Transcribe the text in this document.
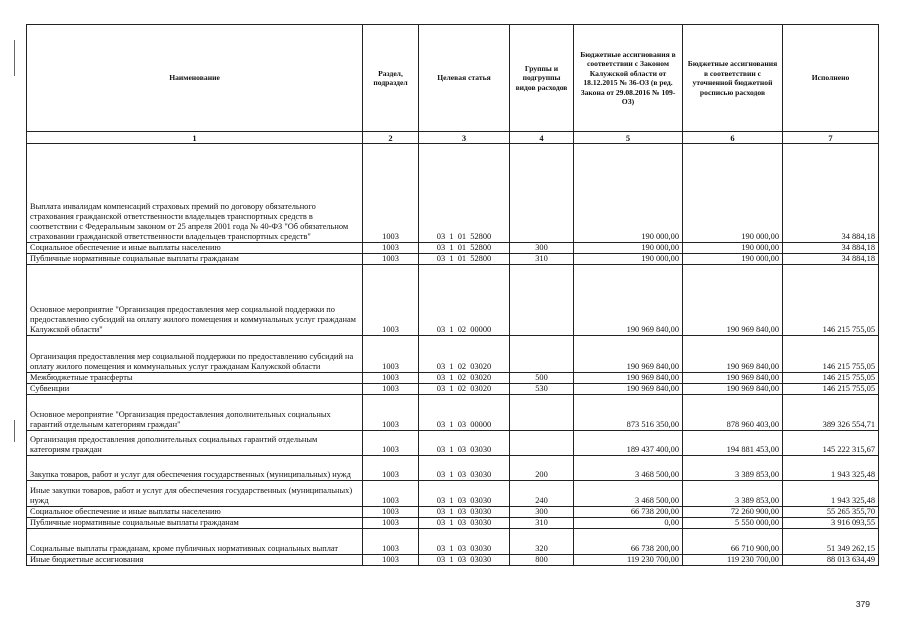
Наименование	Раздел, подраздел	Целевая статья	Группы и подгруппы видов расходов	Бюджетные ассигнования в соответствии с Законом Калужской области от 18.12.2015 № 36-ОЗ (в ред. Закона от 29.08.2016 № 109-ОЗ)	Бюджетные ассигнования в соответствии с уточненной бюджетной росписью расходов	Исполнено
1	2	3	4	5	6	7
Выплата инвалидам компенсаций страховых премий по договору обязательного страхования гражданской ответственности владельцев транспортных средств в соответствии с Федеральным законом от 25 апреля 2001 года № 40-ФЗ "Об обязательном страховании гражданской ответственности владельцев транспортных средств"	1003	03  1  01  52800		190 000,00	190 000,00	34 884,18
Социальное обеспечение и иные выплаты населению	1003	03  1  01  52800	300	190 000,00	190 000,00	34 884,18
Публичные нормативные социальные выплаты гражданам	1003	03  1  01  52800	310	190 000,00	190 000,00	34 884,18
Основное мероприятие "Организация предоставления мер социальной поддержки по предоставлению субсидий на оплату жилого помещения и коммунальных услуг гражданам Калужской области"	1003	03  1  02  00000		190 969 840,00	190 969 840,00	146 215 755,05
Организация предоставления мер социальной поддержки по предоставлению субсидий на оплату жилого помещения и коммунальных услуг гражданам Калужской области	1003	03  1  02  03020		190 969 840,00	190 969 840,00	146 215 755,05
Межбюджетные трансферты	1003	03  1  02  03020	500	190 969 840,00	190 969 840,00	146 215 755,05
Субвенции	1003	03  1  02  03020	530	190 969 840,00	190 969 840,00	146 215 755,05
Основное мероприятие "Организация предоставления дополнительных социальных гарантий отдельным категориям граждан"	1003	03  1  03  00000		873 516 350,00	878 960 403,00	389 326 554,71
Организация предоставления дополнительных социальных гарантий отдельным категориям граждан	1003	03  1  03  03030		189 437 400,00	194 881 453,00	145 222 315,67
Закупка товаров, работ и услуг для обеспечения государственных (муниципальных) нужд	1003	03  1  03  03030	200	3 468 500,00	3 389 853,00	1 943 325,48
Иные закупки товаров, работ и услуг для обеспечения государственных (муниципальных) нужд	1003	03  1  03  03030	240	3 468 500,00	3 389 853,00	1 943 325,48
Социальное обеспечение и иные выплаты населению	1003	03  1  03  03030	300	66 738 200,00	72 260 900,00	55 265 355,70
Публичные нормативные социальные выплаты гражданам	1003	03  1  03  03030	310	0,00	5 550 000,00	3 916 093,55
Социальные выплаты гражданам, кроме публичных нормативных социальных выплат	1003	03  1  03  03030	320	66 738 200,00	66 710 900,00	51 349 262,15
Иные бюджетные ассигнования	1003	03  1  03  03030	800	119 230 700,00	119 230 700,00	88 013 634,49
379
